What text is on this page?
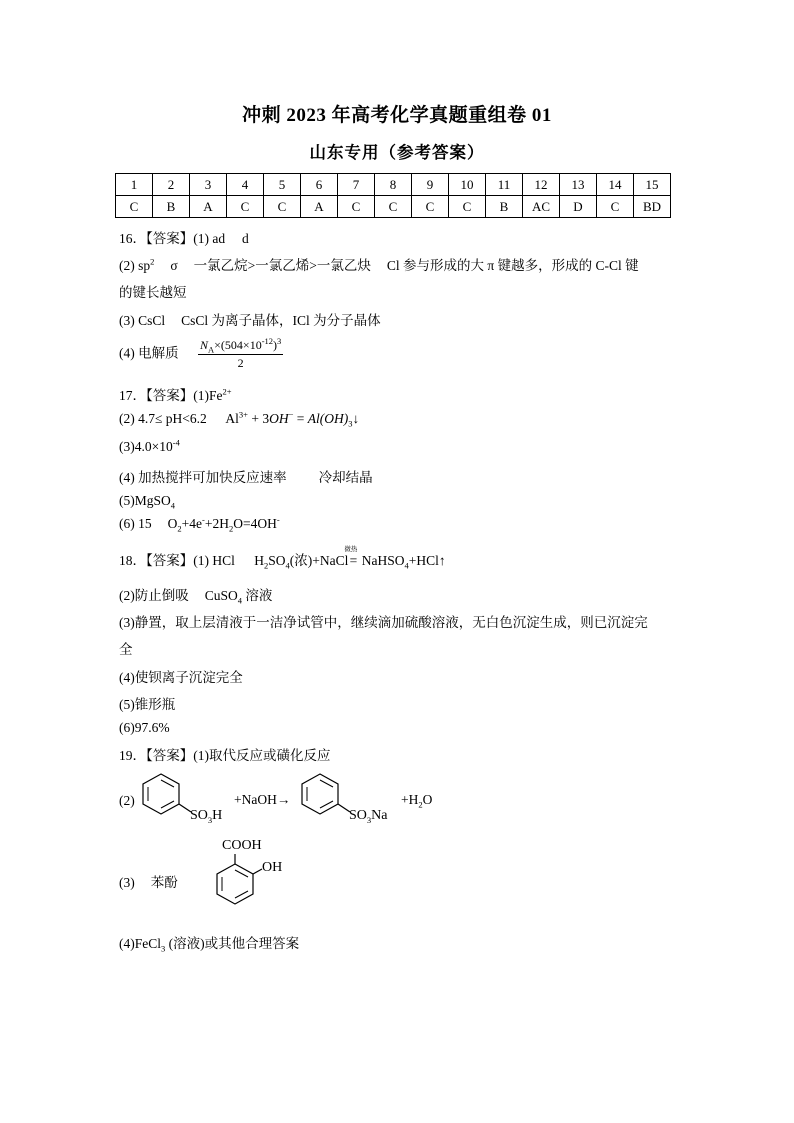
冲刺 2023 年高考化学真题重组卷 01
山东专用（参考答案）
1	2	3	4	5	6	7	8	9	10	11	12	13	14	15
C	B	A	C	C	A	C	C	C	C	B	AC	D	C	BD
16．【答案】(1) ad　 d
(2) $sp^2$ σ 一氯乙烷>一氯乙烯>一氯乙炔 Cl 参与形成的大 π 键越多，形成的 C-Cl 键
的键长越短
(3) CsCl CsCl 为离子晶体，ICl 为分子晶体
(4) 电解质 $\frac{N_A\times(504\times 10^{-12})^3}{2}$
17．【答案】$(1)Fe^{2+}$
(2) 4.7≤ pH<6.2 $Al^{3+} + 3OH^-$ = $Al(OH)_3↓$
$(3)4.0\times 10^{-4}$
(4) 加热搅拌可加快反应速率 冷却结晶
(5)MgSO$_4$
(6) 15 $O_2+4e^-+2H_2O=4OH^-$
18．【答案】(1) HCl $H_2SO_4$(浓)+NaCl
微热
= NaHSO$_4$+HCl↑
(2)防止倒吸 CuSO$_4$ 溶液
(3)静置，取上层清液于一洁净试管中，继续滴加硫酸溶液，无白色沉淀生成，则已沉淀完
全
(4)使钡离子沉淀完全
(5)锥形瓶
(6)97.6%
19．【答案】(1)取代反应或磺化反应
(2)
$SO_3H$
+NaOH→
$SO_3Na$
$+H_2O$
(3) 苯酚
COOH
OH
(4)FeCl$_3$ (溶液)或其他合理答案
